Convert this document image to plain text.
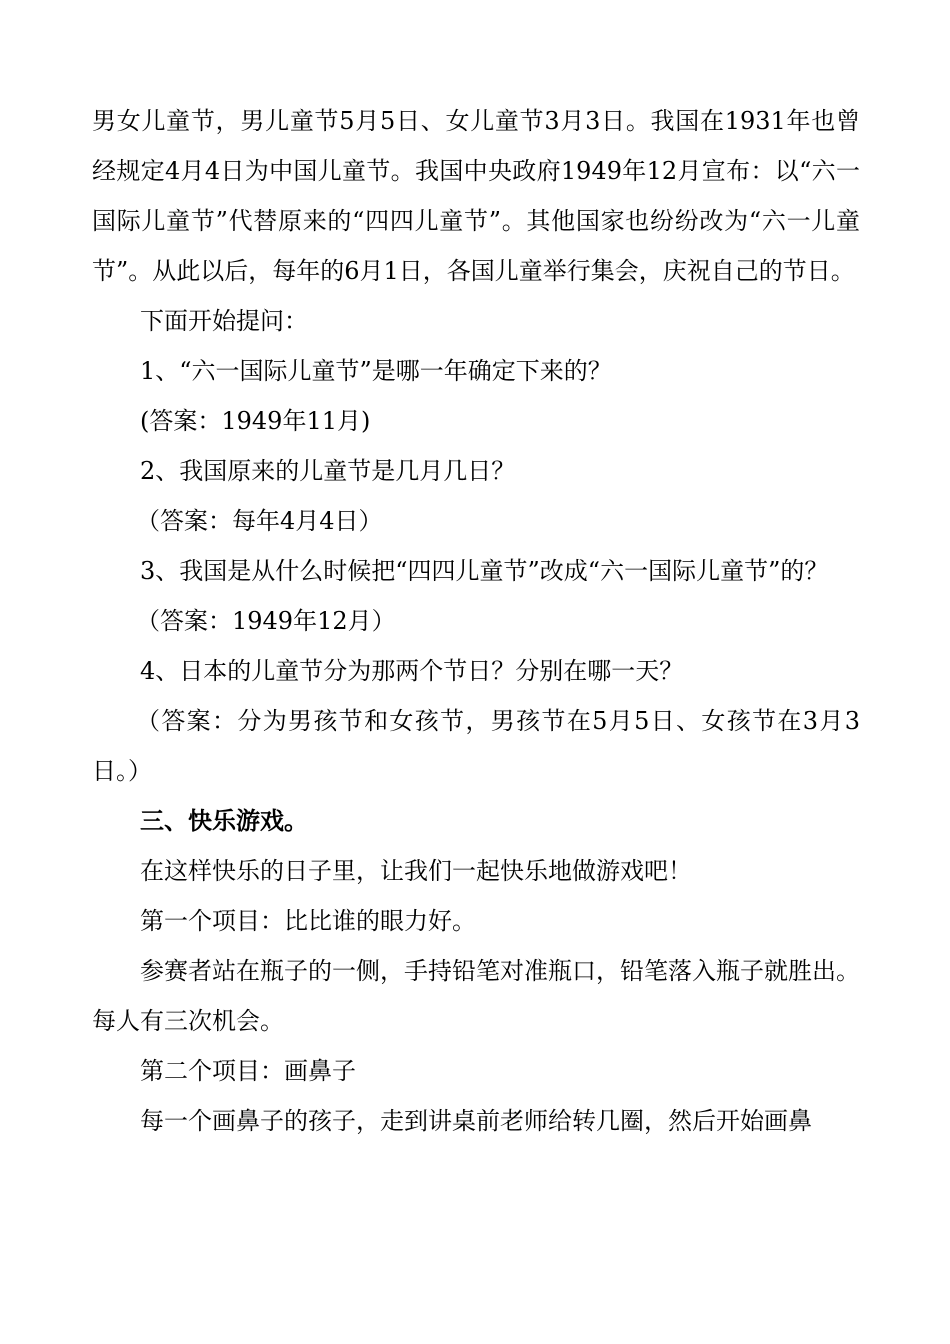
男女儿童节，男儿童节5月5日、女儿童节3月3日。我国在1931年也曾经规定4月4日为中国儿童节。我国中央政府1949年12月宣布：以“六一国际儿童节”代替原来的“四四儿童节”。其他国家也纷纷改为“六一儿童节”。从此以后，每年的6月1日，各国儿童举行集会，庆祝自己的节日。

下面开始提问：

1、“六一国际儿童节”是哪一年确定下来的？

(答案：1949年11月)

2、我国原来的儿童节是几月几日？

（答案：每年4月4日）

3、我国是从什么时候把“四四儿童节”改成“六一国际儿童节”的？

（答案：1949年12月）

4、日本的儿童节分为那两个节日？分别在哪一天？

（答案：分为男孩节和女孩节，男孩节在5月5日、女孩节在3月3日。）

三、快乐游戏。

在这样快乐的日子里，让我们一起快乐地做游戏吧！

第一个项目：比比谁的眼力好。

参赛者站在瓶子的一侧，手持铅笔对准瓶口，铅笔落入瓶子就胜出。每人有三次机会。

第二个项目：画鼻子

每一个画鼻子的孩子，走到讲桌前老师给转几圈，然后开始画鼻
